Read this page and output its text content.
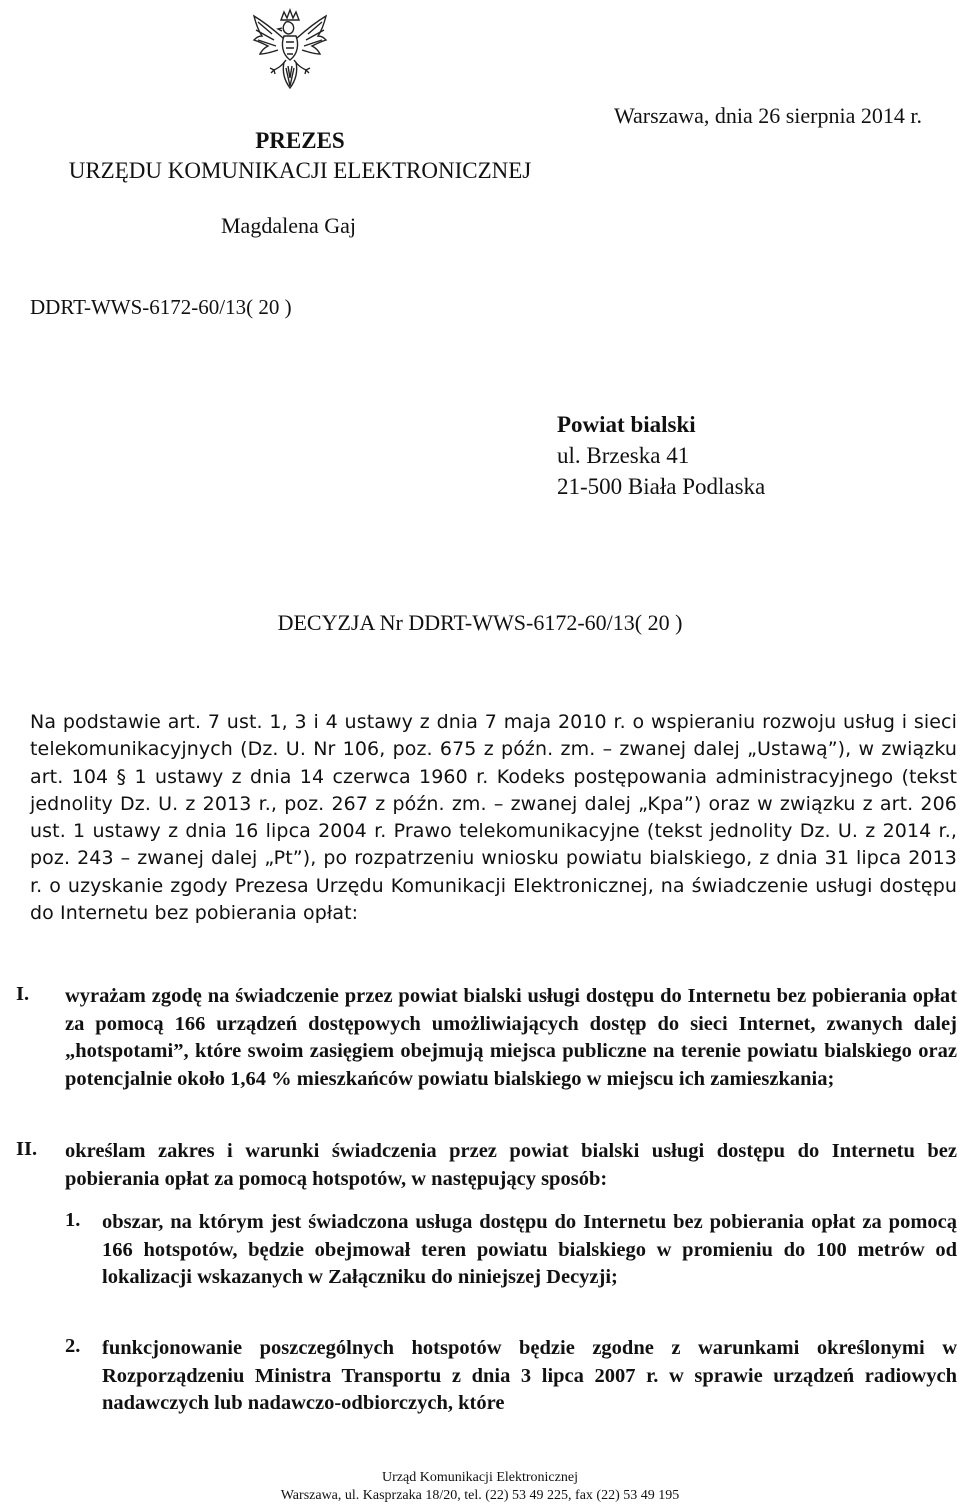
PREZES
URZĘDU KOMUNIKACJI ELEKTRONICZNEJ
Warszawa, dnia 26 sierpnia 2014 r.
Magdalena Gaj
DDRT-WWS-6172-60/13( 20 )
Powiat bialski
ul. Brzeska 41
21-500 Biała Podlaska
DECYZJA Nr DDRT-WWS-6172-60/13( 20 )
Na podstawie art. 7 ust. 1, 3 i 4 ustawy z dnia 7 maja 2010 r. o wspieraniu rozwoju usług i sieci telekomunikacyjnych (Dz. U. Nr 106, poz. 675 z późn. zm. – zwanej dalej „Ustawą”), w związku art. 104 § 1 ustawy z dnia 14 czerwca 1960 r. Kodeks postępowania administracyjnego (tekst jednolity Dz. U. z 2013 r., poz. 267 z późn. zm. – zwanej dalej „Kpa”) oraz w związku z art. 206 ust. 1 ustawy z dnia 16 lipca 2004 r. Prawo telekomunikacyjne (tekst jednolity Dz. U. z 2014 r., poz. 243 – zwanej dalej „Pt”), po rozpatrzeniu wniosku powiatu bialskiego, z dnia 31 lipca 2013 r. o uzyskanie zgody Prezesa Urzędu Komunikacji Elektronicznej, na świadczenie usługi dostępu do Internetu bez pobierania opłat:
I. wyrażam zgodę na świadczenie przez powiat bialski usługi dostępu do Internetu bez pobierania opłat za pomocą 166 urządzeń dostępowych umożliwiających dostęp do sieci Internet, zwanych dalej „hotspotami”, które swoim zasięgiem obejmują miejsca publiczne na terenie powiatu bialskiego oraz potencjalnie około 1,64 % mieszkańców powiatu bialskiego w miejscu ich zamieszkania;
II. określam zakres i warunki świadczenia przez powiat bialski usługi dostępu do Internetu bez pobierania opłat za pomocą hotspotów, w następujący sposób:
1. obszar, na którym jest świadczona usługa dostępu do Internetu bez pobierania opłat za pomocą 166 hotspotów, będzie obejmował teren powiatu bialskiego w promieniu do 100 metrów od lokalizacji wskazanych w Załączniku do niniejszej Decyzji;
2. funkcjonowanie poszczególnych hotspotów będzie zgodne z warunkami określonymi w Rozporządzeniu Ministra Transportu z dnia 3 lipca 2007 r. w sprawie urządzeń radiowych nadawczych lub nadawczo-odbiorczych, które
Urząd Komunikacji Elektronicznej
Warszawa, ul. Kasprzaka 18/20, tel. (22) 53 49 225, fax (22) 53 49 195
